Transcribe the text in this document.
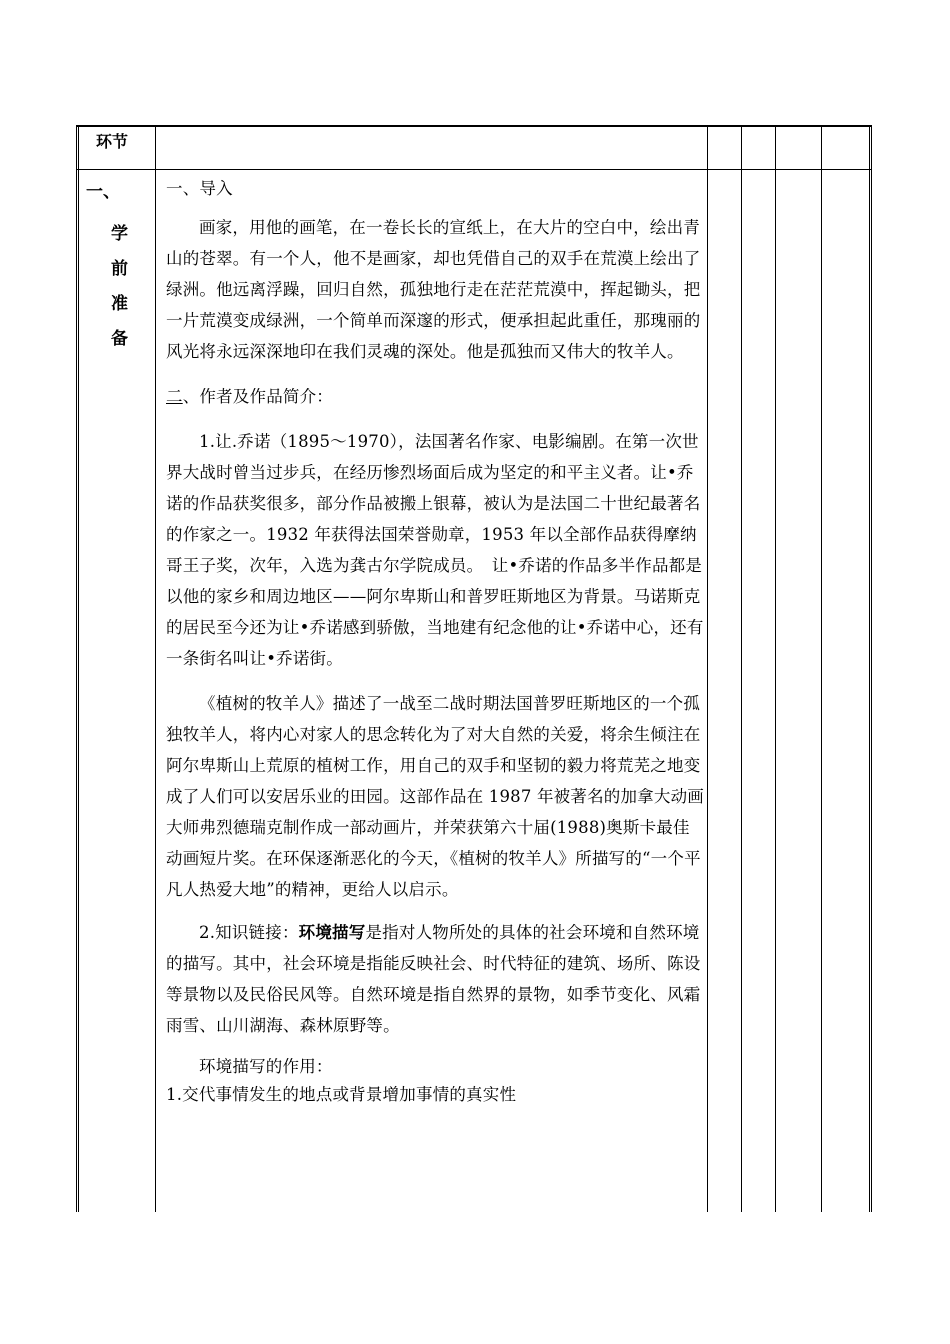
环节
一、
学
前
准
备

一、导入

画家，用他的画笔，在一卷长长的宣纸上，在大片的空白中，绘出青山的苍翠。有一个人，他不是画家，却也凭借自己的双手在荒漠上绘出了绿洲。他远离浮躁，回归自然，孤独地行走在茫茫荒漠中，挥起锄头，把一片荒漠变成绿洲，一个简单而深邃的形式，便承担起此重任，那瑰丽的风光将永远深深地印在我们灵魂的深处。他是孤独而又伟大的牧羊人。

二、作者及作品简介：

1.让.乔诺（1895～1970），法国著名作家、电影编剧。在第一次世界大战时曾当过步兵，在经历惨烈场面后成为坚定的和平主义者。让•乔诺的作品获奖很多，部分作品被搬上银幕，被认为是法国二十世纪最著名的作家之一。1932 年获得法国荣誉勋章，1953 年以全部作品获得摩纳哥王子奖，次年，入选为龚古尔学院成员。　让•乔诺的作品多半作品都是以他的家乡和周边地区——阿尔卑斯山和普罗旺斯地区为背景。马诺斯克的居民至今还为让•乔诺感到骄傲，当地建有纪念他的让•乔诺中心，还有一条街名叫让•乔诺街。

《植树的牧羊人》描述了一战至二战时期法国普罗旺斯地区的一个孤独牧羊人，将内心对家人的思念转化为了对大自然的关爱，将余生倾注在阿尔卑斯山上荒原的植树工作，用自己的双手和坚韧的毅力将荒芜之地变成了人们可以安居乐业的田园。这部作品在 1987 年被著名的加拿大动画大师弗烈德瑞克制作成一部动画片，并荣获第六十届(1988)奥斯卡最佳动画短片奖。在环保逐渐恶化的今天，《植树的牧羊人》所描写的“一个平凡人热爱大地”的精神，更给人以启示。

2.知识链接：环境描写是指对人物所处的具体的社会环境和自然环境的描写。其中，社会环境是指能反映社会、时代特征的建筑、场所、陈设等景物以及民俗民风等。自然环境是指自然界的景物，如季节变化、风霜雨雪、山川湖海、森林原野等。

环境描写的作用：

1.交代事情发生的地点或背景增加事情的真实性
